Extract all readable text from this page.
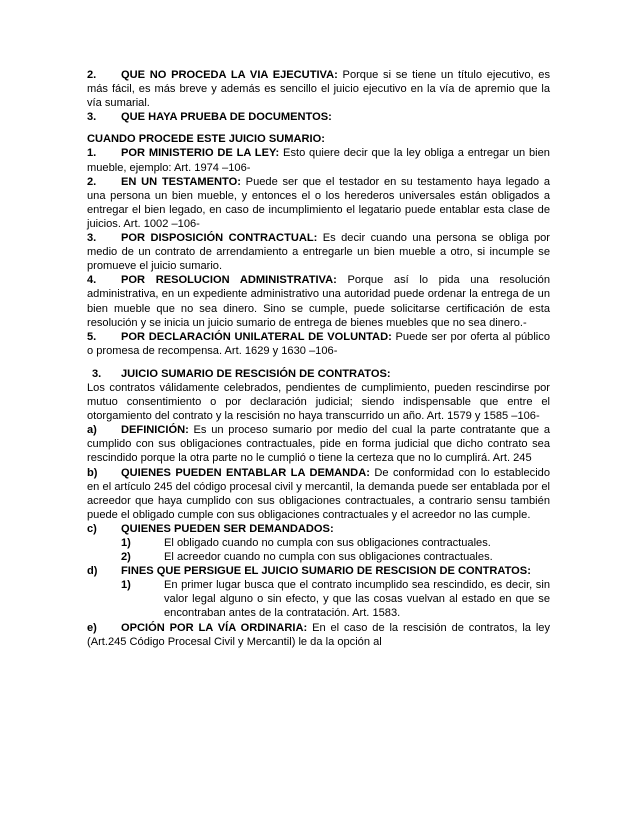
2. QUE NO PROCEDA LA VIA EJECUTIVA: Porque si se tiene un título ejecutivo, es más fácil, es más breve y además es sencillo el juicio ejecutivo en la vía de apremio que la vía sumarial.

3. QUE HAYA PRUEBA DE DOCUMENTOS:

CUANDO PROCEDE ESTE JUICIO SUMARIO:

1. POR MINISTERIO DE LA LEY: Esto quiere decir que la ley obliga a entregar un bien mueble, ejemplo: Art. 1974 –106-

2. EN UN TESTAMENTO: Puede ser que el testador en su testamento haya legado a una persona un bien mueble, y entonces el o los herederos universales están obligados a entregar el bien legado, en caso de incumplimiento el legatario puede entablar esta clase de juicios. Art. 1002 –106-

3. POR DISPOSICIÓN CONTRACTUAL: Es decir cuando una persona se obliga por medio de un contrato de arrendamiento a entregarle un bien mueble a otro, si incumple se promueve el juicio sumario.

4. POR RESOLUCION ADMINISTRATIVA: Porque así lo pida una resolución administrativa, en un expediente administrativo una autoridad puede ordenar la entrega de un bien mueble que no sea dinero. Sino se cumple, puede solicitarse certificación de esta resolución y se inicia un juicio sumario de entrega de bienes muebles que no sea dinero.-

5. POR DECLARACIÓN UNILATERAL DE VOLUNTAD: Puede ser por oferta al público o promesa de recompensa. Art. 1629 y 1630 –106-

3. JUICIO SUMARIO DE RESCISIÓN DE CONTRATOS:

Los contratos válidamente celebrados, pendientes de cumplimiento, pueden rescindirse por mutuo consentimiento o por declaración judicial; siendo indispensable que entre el otorgamiento del contrato y la rescisión no haya transcurrido un año. Art. 1579 y 1585 –106-

a) DEFINICIÓN: Es un proceso sumario por medio del cual la parte contratante que a cumplido con sus obligaciones contractuales, pide en forma judicial que dicho contrato sea rescindido porque la otra parte no le cumplió o tiene la certeza que no lo cumplirá. Art. 245

b) QUIENES PUEDEN ENTABLAR LA DEMANDA: De conformidad con lo establecido en el artículo 245 del código procesal civil y mercantil, la demanda puede ser entablada por el acreedor que haya cumplido con sus obligaciones contractuales, a contrario sensu también puede el obligado cumple con sus obligaciones contractuales y el acreedor no las cumple.

c) QUIENES PUEDEN SER DEMANDADOS:

1)	El obligado cuando no cumpla con sus obligaciones contractuales.
2)	El acreedor cuando no cumpla con sus obligaciones contractuales.

d) FINES QUE PERSIGUE EL JUICIO SUMARIO DE RESCISION DE CONTRATOS:

1)	En primer lugar busca que el contrato incumplido sea rescindido, es decir, sin valor legal alguno o sin efecto, y que las cosas vuelvan al estado en que se encontraban antes de la contratación. Art. 1583.

e) OPCIÓN POR LA VÍA ORDINARIA: En el caso de la rescisión de contratos, la ley (Art.245 Código Procesal Civil y Mercantil) le da la opción al
